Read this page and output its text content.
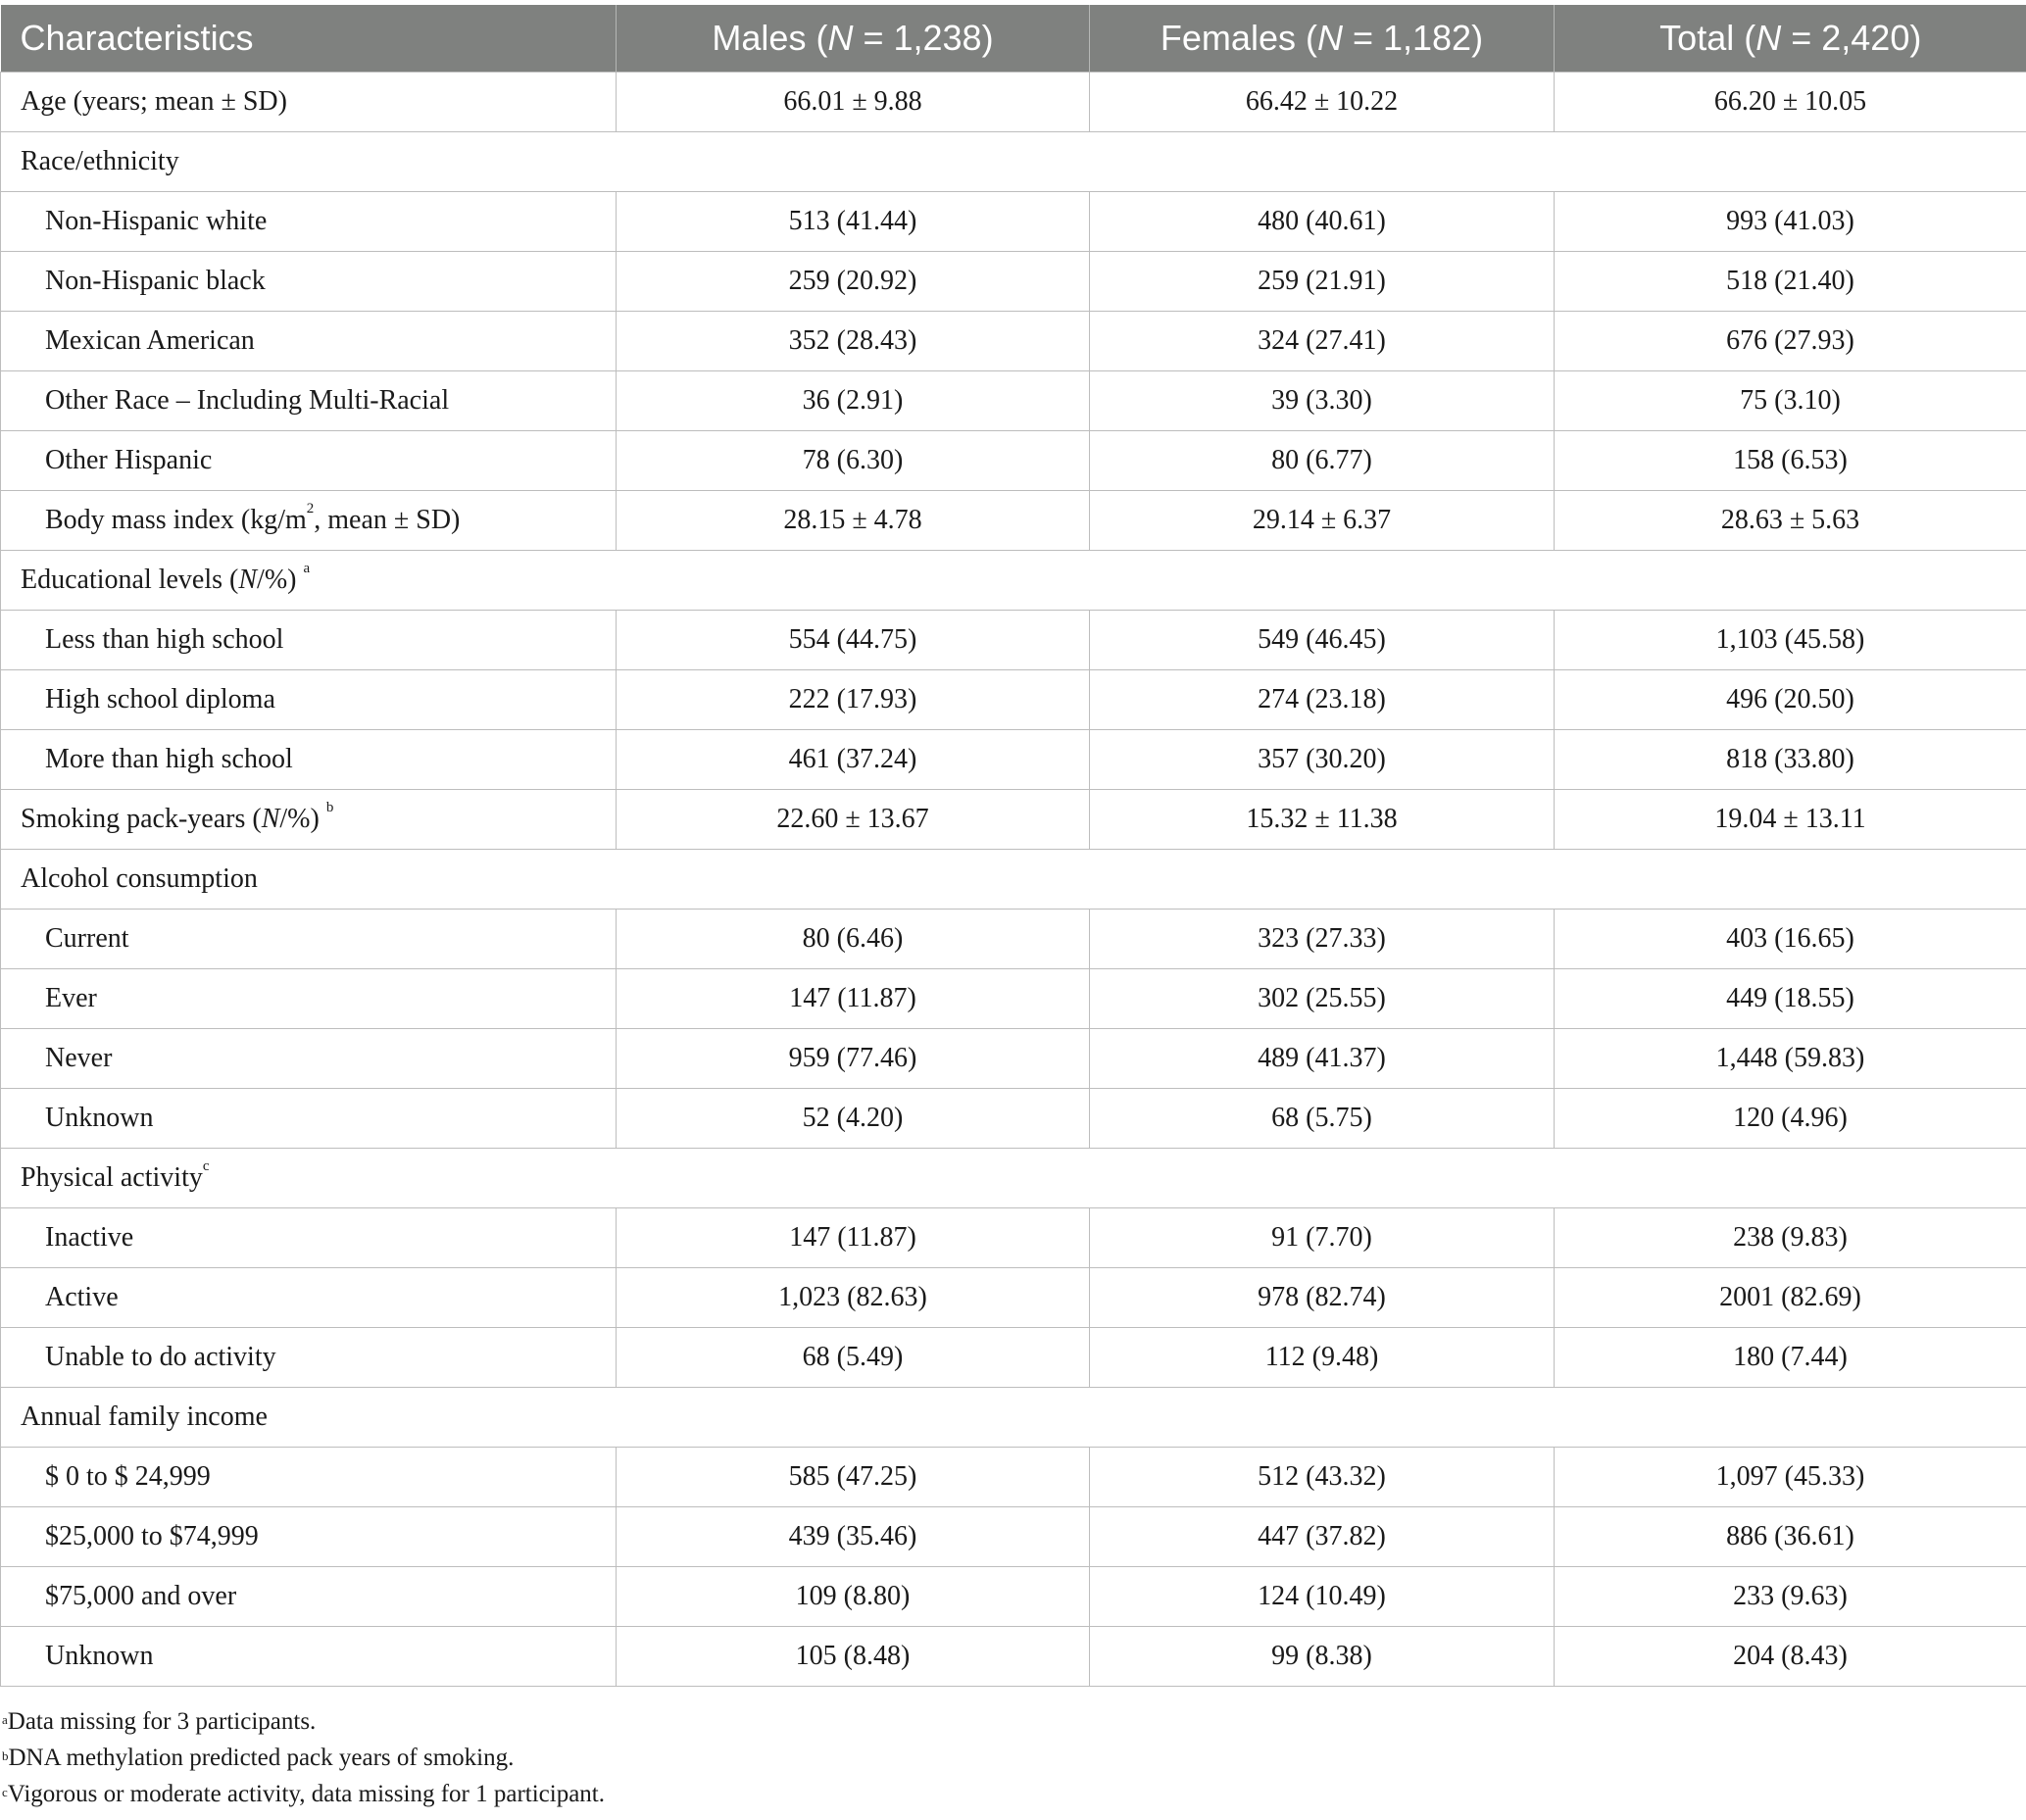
Characteristics	Males (N = 1,238)	Females (N = 1,182)	Total (N = 2,420)
Age (years; mean ± SD)	66.01 ± 9.88	66.42 ± 10.22	66.20 ± 10.05
Race/ethnicity			
Non-Hispanic white	513 (41.44)	480 (40.61)	993 (41.03)
Non-Hispanic black	259 (20.92)	259 (21.91)	518 (21.40)
Mexican American	352 (28.43)	324 (27.41)	676 (27.93)
Other Race – Including Multi-Racial	36 (2.91)	39 (3.30)	75 (3.10)
Other Hispanic	78 (6.30)	80 (6.77)	158 (6.53)
Body mass index ($kg/m^2$, mean ± SD)	28.15 ± 4.78	29.14 ± 6.37	28.63 ± 5.63
Educational levels (N/%) $^a$
Less than high school	554 (44.75)	549 (46.45)	1,103 (45.58)
High school diploma	222 (17.93)	274 (23.18)	496 (20.50)
More than high school	461 (37.24)	357 (30.20)	818 (33.80)
Smoking pack-years (N/%) $^b$	22.60 ± 13.67	15.32 ± 11.38	19.04 ± 13.11
Alcohol consumption			
Current	80 (6.46)	323 (27.33)	403 (16.65)
Ever	147 (11.87)	302 (25.55)	449 (18.55)
Never	959 (77.46)	489 (41.37)	1,448 (59.83)
Unknown	52 (4.20)	68 (5.75)	120 (4.96)
Physical activity$^c$
Inactive	147 (11.87)	91 (7.70)	238 (9.83)
Active	1,023 (82.63)	978 (82.74)	2001 (82.69)
Unable to do activity	68 (5.49)	112 (9.48)	180 (7.44)
Annual family income			
$ 0 to $ 24,999	585 (47.25)	512 (43.32)	1,097 (45.33)
$25,000 to $74,999	439 (35.46)	447 (37.82)	886 (36.61)
$75,000 and over	109 (8.80)	124 (10.49)	233 (9.63)
Unknown	105 (8.48)	99 (8.38)	204 (8.43)
$^a$Data missing for 3 participants.
$^b$DNA methylation predicted pack years of smoking.
$^c$Vigorous or moderate activity, data missing for 1 participant.
